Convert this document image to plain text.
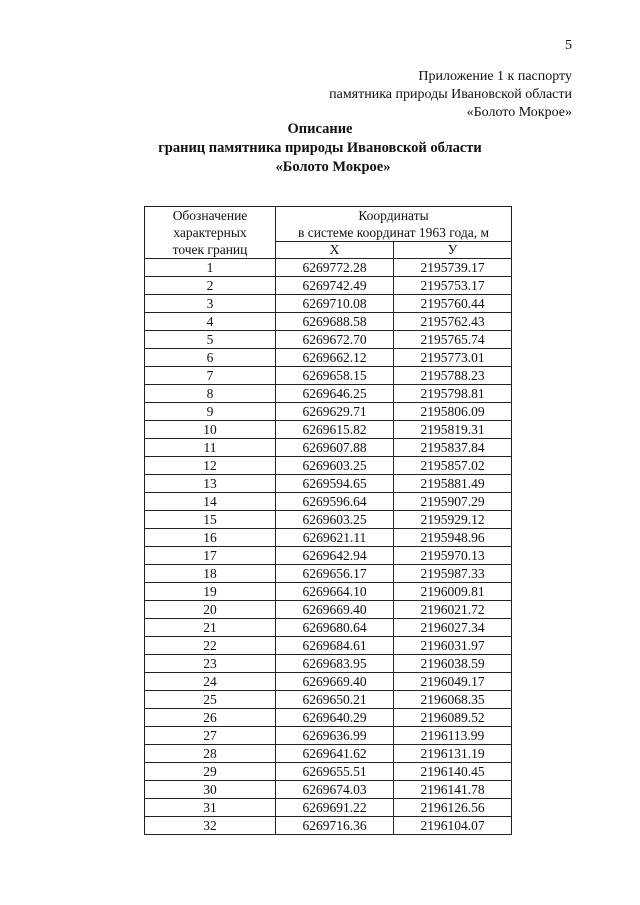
5
Приложение 1 к паспорту
памятника природы Ивановской области
«Болото Мокрое»
Описание
границ памятника природы Ивановской области
«Болото Мокрое»
Обозначение
характерных
точек границ	Координаты	
	в системе координат 1963 года, м	
	Х	У
1	6269772.28	2195739.17
2	6269742.49	2195753.17
3	6269710.08	2195760.44
4	6269688.58	2195762.43
5	6269672.70	2195765.74
6	6269662.12	2195773.01
7	6269658.15	2195788.23
8	6269646.25	2195798.81
9	6269629.71	2195806.09
10	6269615.82	2195819.31
11	6269607.88	2195837.84
12	6269603.25	2195857.02
13	6269594.65	2195881.49
14	6269596.64	2195907.29
15	6269603.25	2195929.12
16	6269621.11	2195948.96
17	6269642.94	2195970.13
18	6269656.17	2195987.33
19	6269664.10	2196009.81
20	6269669.40	2196021.72
21	6269680.64	2196027.34
22	6269684.61	2196031.97
23	6269683.95	2196038.59
24	6269669.40	2196049.17
25	6269650.21	2196068.35
26	6269640.29	2196089.52
27	6269636.99	2196113.99
28	6269641.62	2196131.19
29	6269655.51	2196140.45
30	6269674.03	2196141.78
31	6269691.22	2196126.56
32	6269716.36	2196104.07
